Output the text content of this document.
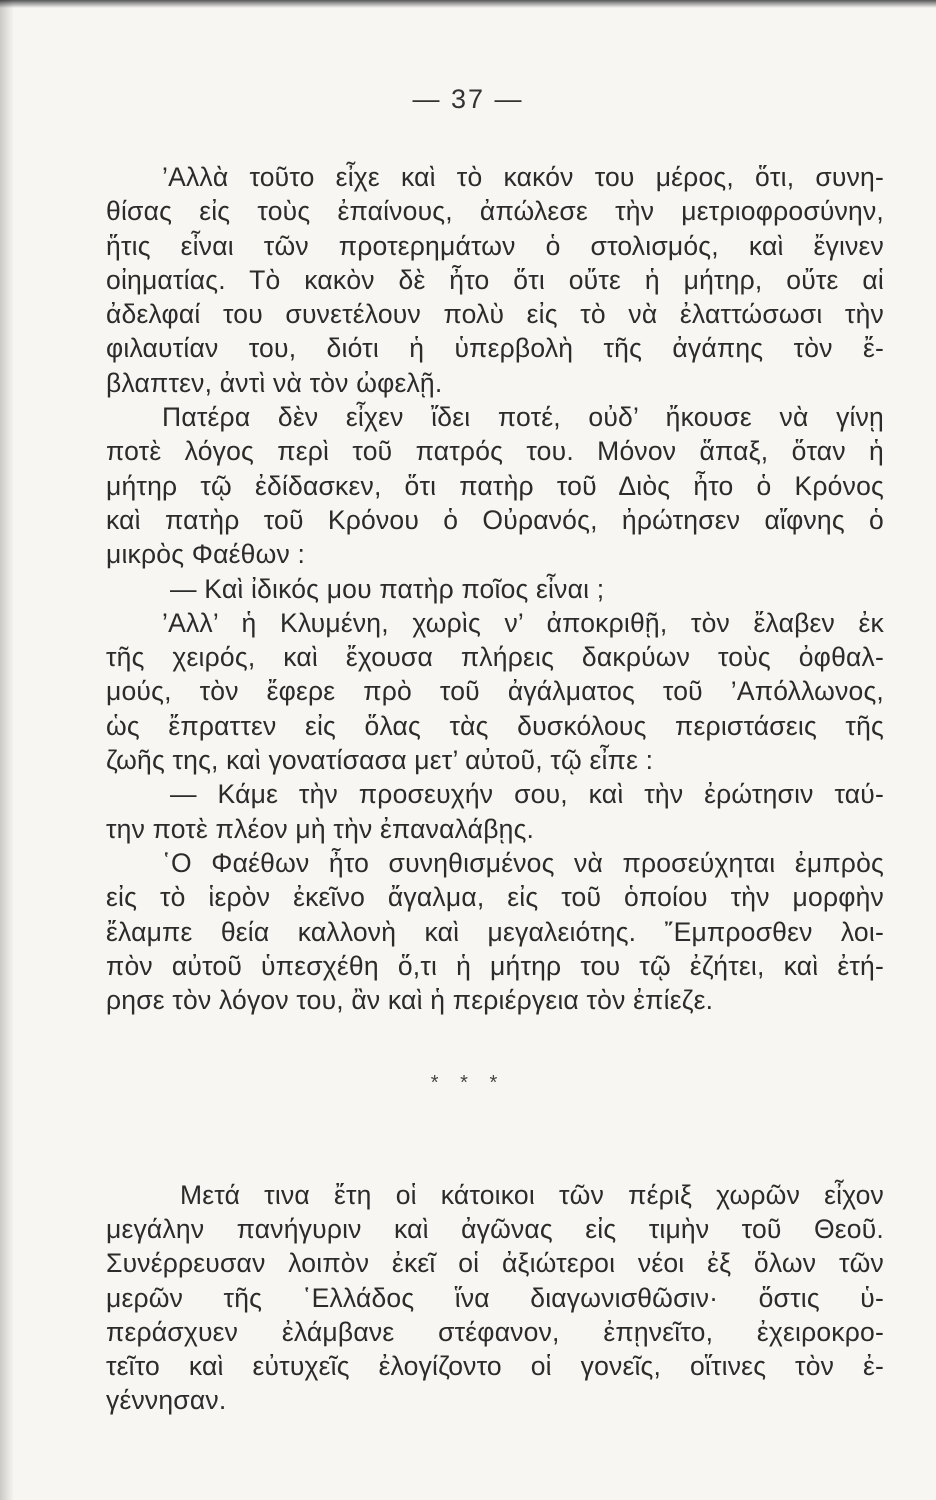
— 37 —
’Αλλὰ τοῦτο εἶχε καὶ τὸ κακόν του μέρος, ὅτι, συνη-
θίσας εἰς τοὺς ἐπαίνους, ἀπώλεσε τὴν μετριοφροσύνην,
ἥτις εἶναι τῶν προτερημάτων ὁ στολισμός, καὶ ἔγινεν
οἰηματίας. Τὸ κακὸν δὲ ἦτο ὅτι οὔτε ἡ μήτηρ, οὔτε αἱ
ἀδελφαί του συνετέλουν πολὺ εἰς τὸ νὰ ἐλαττώσωσι τὴν
φιλαυτίαν του, διότι ἡ ὑπερβολὴ τῆς ἀγάπης τὸν ἔ-
βλαπτεν, ἀντὶ νὰ τὸν ὠφελῇ.
Πατέρα δὲν εἶχεν ἴδει ποτέ, οὐδ’ ἤκουσε νὰ γίνῃ
ποτὲ λόγος περὶ τοῦ πατρός του. Μόνον ἅπαξ, ὅταν ἡ
μήτηρ τῷ ἐδίδασκεν, ὅτι πατὴρ τοῦ Διὸς ἦτο ὁ Κρόνος
καὶ πατὴρ τοῦ Κρόνου ὁ Οὐρανός, ἠρώτησεν αἴφνης ὁ
μικρὸς Φαέθων :
— Καὶ ἰδικός μου πατὴρ ποῖος εἶναι ;
’Αλλ’ ἡ Κλυμένη, χωρὶς ν’ ἀποκριθῇ, τὸν ἔλαβεν ἐκ
τῆς χειρός, καὶ ἔχουσα πλήρεις δακρύων τοὺς ὀφθαλ-
μούς, τὸν ἔφερε πρὸ τοῦ ἀγάλματος τοῦ ’Απόλλωνος,
ὡς ἔπραττεν εἰς ὅλας τὰς δυσκόλους περιστάσεις τῆς
ζωῆς της, καὶ γονατίσασα μετ’ αὐτοῦ, τῷ εἶπε :
— Κάμε τὴν προσευχήν σου, καὶ τὴν ἐρώτησιν ταύ-
την ποτὲ πλέον μὴ τὴν ἐπαναλάβῃς.
῾Ο Φαέθων ἦτο συνηθισμένος νὰ προσεύχηται ἐμπρὸς
εἰς τὸ ἱερὸν ἐκεῖνο ἄγαλμα, εἰς τοῦ ὁποίου τὴν μορφὴν
ἔλαμπε θεία καλλονὴ καὶ μεγαλειότης. ῎Εμπροσθεν λοι-
πὸν αὐτοῦ ὑπεσχέθη ὅ,τι ἡ μήτηρ του τῷ ἐζήτει, καὶ ἐτή-
ρησε τὸν λόγον του, ἂν καὶ ἡ περιέργεια τὸν ἐπίεζε.
* * *
Μετά τινα ἔτη οἱ κάτοικοι τῶν πέριξ χωρῶν εἶχον
μεγάλην πανήγυριν καὶ ἀγῶνας εἰς τιμὴν τοῦ Θεοῦ.
Συνέρρευσαν λοιπὸν ἐκεῖ οἱ ἀξιώτεροι νέοι ἐξ ὅλων τῶν
μερῶν τῆς ῾Ελλάδος ἵνα διαγωνισθῶσιν· ὅστις ὑ-
περάσχυεν ἐλάμβανε στέφανον, ἐπῃνεῖτο, ἐχειροκρο-
τεῖτο καὶ εὐτυχεῖς ἐλογίζοντο οἱ γονεῖς, οἵτινες τὸν ἐ-
γέννησαν.
